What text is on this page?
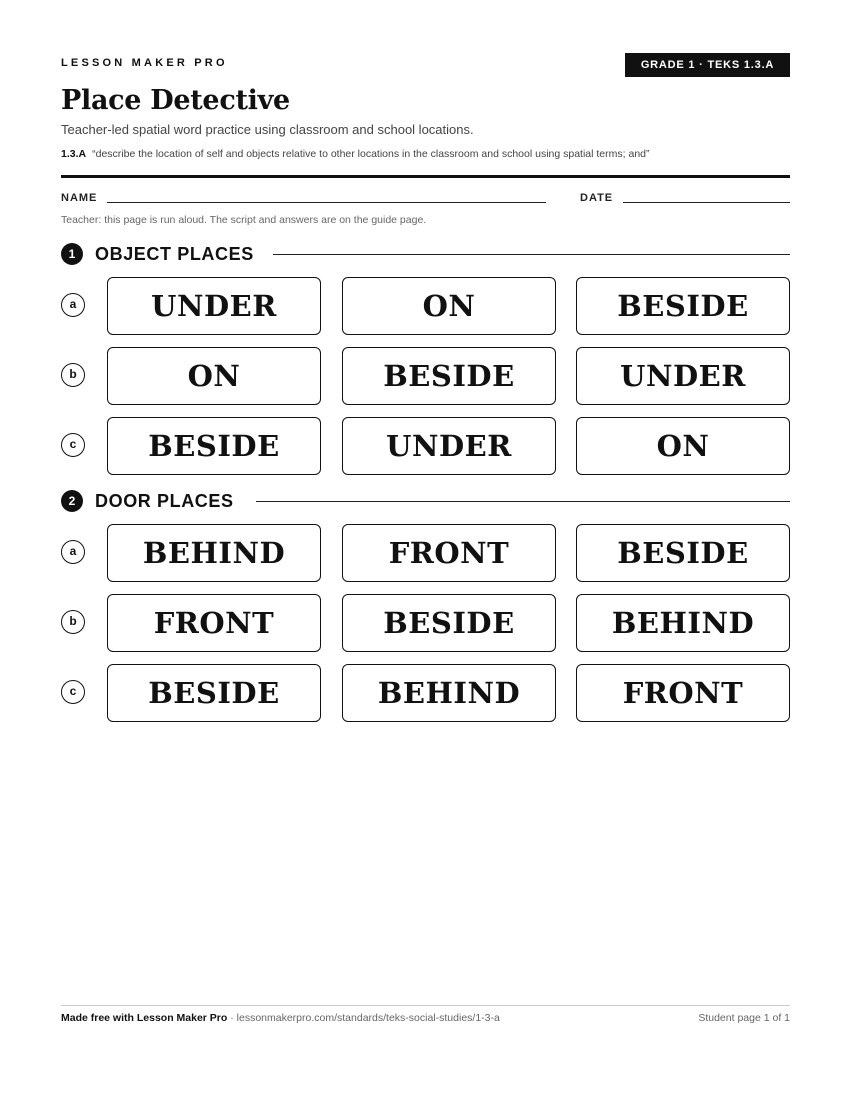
LESSON MAKER PRO	GRADE 1 · TEKS 1.3.A
Place Detective
Teacher-led spatial word practice using classroom and school locations.
1.3.A “describe the location of self and objects relative to other locations in the classroom and school using spatial terms; and”
NAME	DATE
Teacher: this page is run aloud. The script and answers are on the guide page.
1	OBJECT PLACES
a	UNDER	ON	BESIDE
b	ON	BESIDE	UNDER
c	BESIDE	UNDER	ON
2	DOOR PLACES
a	BEHIND	FRONT	BESIDE
b	FRONT	BESIDE	BEHIND
c	BESIDE	BEHIND	FRONT
Made free with Lesson Maker Pro · lessonmakerpro.com/standards/teks-social-studies/1-3-a	Student page 1 of 1
